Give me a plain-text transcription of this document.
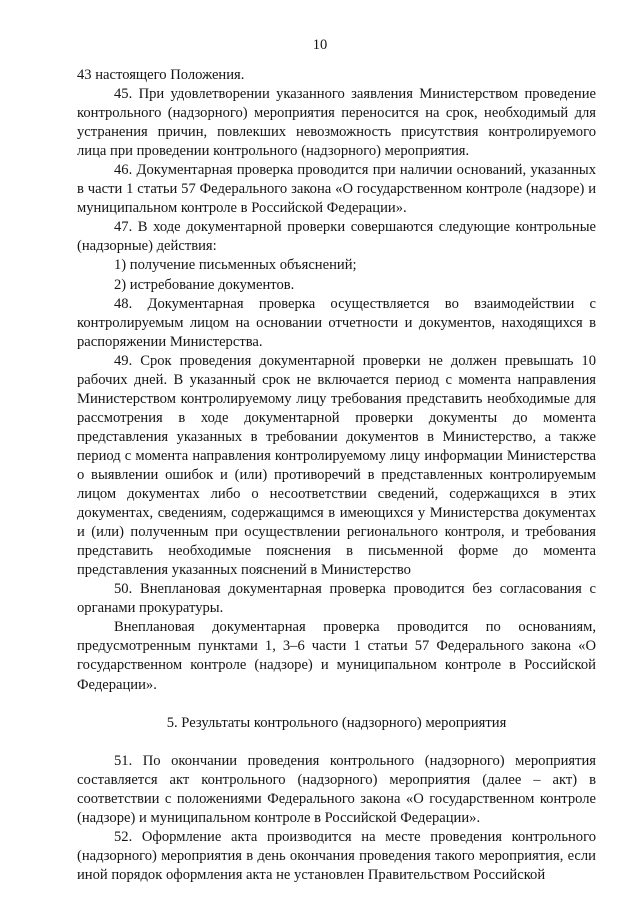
10

43 настоящего Положения.

45. При удовлетворении указанного заявления Министерством проведение контрольного (надзорного) мероприятия переносится на срок, необходимый для устранения причин, повлекших невозможность присутствия контролируемого лица при проведении контрольного (надзорного) мероприятия.

46. Документарная проверка проводится при наличии оснований, указанных в части 1 статьи 57 Федерального закона «О государственном контроле (надзоре) и муниципальном контроле в Российской Федерации».

47. В ходе документарной проверки совершаются следующие контрольные (надзорные) действия:

1) получение письменных объяснений;

2) истребование документов.

48. Документарная проверка осуществляется во взаимодействии с контролируемым лицом на основании отчетности и документов, находящихся в распоряжении Министерства.

49. Срок проведения документарной проверки не должен превышать 10 рабочих дней. В указанный срок не включается период с момента направления Министерством контролируемому лицу требования представить необходимые для рассмотрения в ходе документарной проверки документы до момента представления указанных в требовании документов в Министерство, а также период с момента направления контролируемому лицу информации Министерства о выявлении ошибок и (или) противоречий в представленных контролируемым лицом документах либо о несоответствии сведений, содержащихся в этих документах, сведениям, содержащимся в имеющихся у Министерства документах и (или) полученным при осуществлении регионального контроля, и требования представить необходимые пояснения в письменной форме до момента представления указанных пояснений в Министерство

50. Внеплановая документарная проверка проводится без согласования с органами прокуратуры.

Внеплановая документарная проверка проводится по основаниям, предусмотренным пунктами 1, 3–6 части 1 статьи 57 Федерального закона «О государственном контроле (надзоре) и муниципальном контроле в Российской Федерации».

5. Результаты контрольного (надзорного) мероприятия

51. По окончании проведения контрольного (надзорного) мероприятия составляется акт контрольного (надзорного) мероприятия (далее – акт) в соответствии с положениями Федерального закона «О государственном контроле (надзоре) и муниципальном контроле в Российской Федерации».

52. Оформление акта производится на месте проведения контрольного (надзорного) мероприятия в день окончания проведения такого мероприятия, если иной порядок оформления акта не установлен Правительством Российской
